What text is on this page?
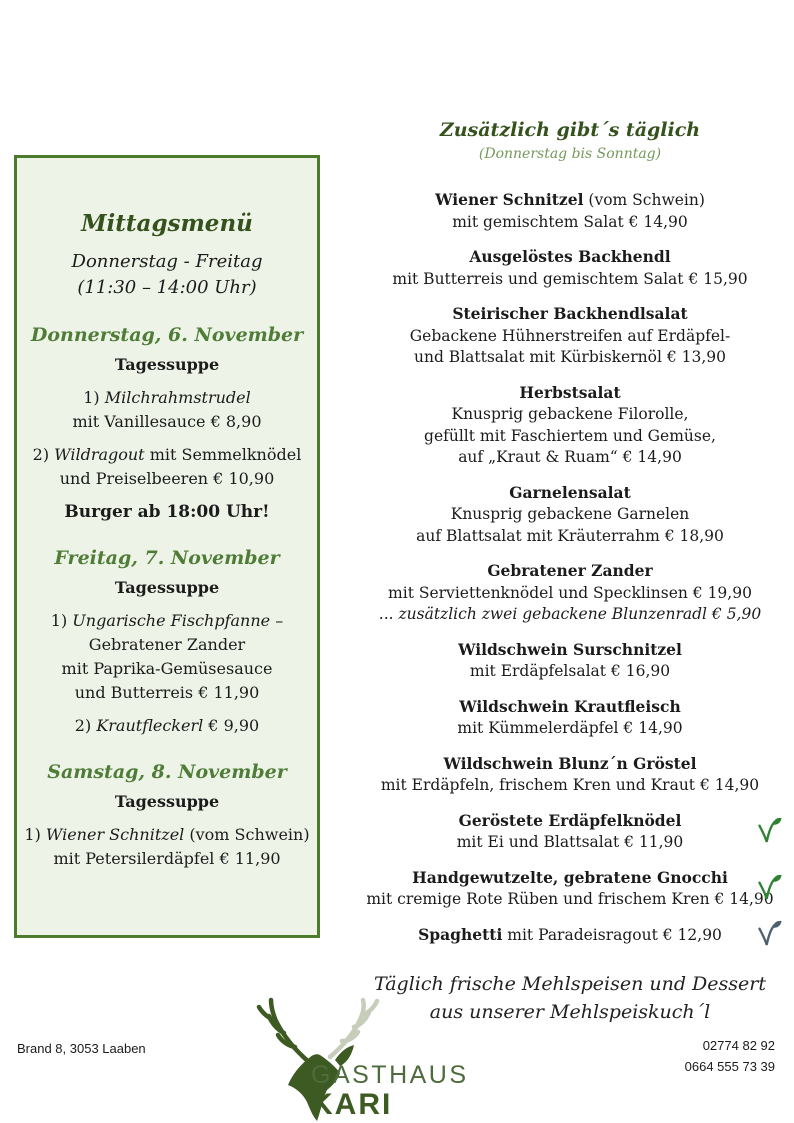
Mittagsmenü
Donnerstag - Freitag
(11:30 – 14:00 Uhr)
Donnerstag, 6. November
Tagessuppe
1) Milchrahmstrudel
mit Vanillesauce € 8,90
2) Wildragout mit Semmelknödel
und Preiselbeeren € 10,90
Burger ab 18:00 Uhr!
Freitag, 7. November
Tagessuppe
1) Ungarische Fischpfanne –
Gebratener Zander
mit Paprika-Gemüsesauce
und Butterreis € 11,90
2) Krautfleckerl € 9,90
Samstag, 8. November
Tagessuppe
1) Wiener Schnitzel (vom Schwein)
mit Petersilerdäpfel € 11,90
Zusätzlich gibt´s täglich
(Donnerstag bis Sonntag)
Wiener Schnitzel (vom Schwein)
mit gemischtem Salat € 14,90
Ausgelöstes Backhendl
mit Butterreis und gemischtem Salat € 15,90
Steirischer Backhendlsalat
Gebackene Hühnerstreifen auf Erdäpfel-
und Blattsalat mit Kürbiskernöl € 13,90
Herbstsalat
Knusprig gebackene Filorolle,
gefüllt mit Faschiertem und Gemüse,
auf „Kraut & Ruam“ € 14,90
Garnelensalat
Knusprig gebackene Garnelen
auf Blattsalat mit Kräuterrahm € 18,90
Gebratener Zander
mit Serviettenknödel und Specklinsen € 19,90
... zusätzlich zwei gebackene Blunzenradl € 5,90
Wildschwein Surschnitzel
mit Erdäpfelsalat € 16,90
Wildschwein Krautfleisch
mit Kümmelerdäpfel € 14,90
Wildschwein Blunz´n Gröstel
mit Erdäpfeln, frischem Kren und Kraut € 14,90
Geröstete Erdäpfelknödel
mit Ei und Blattsalat € 11,90
Handgewutzelte, gebratene Gnocchi
mit cremige Rote Rüben und frischem Kren € 14,90
Spaghetti mit Paradeisragout € 12,90
Täglich frische Mehlspeisen und Dessert
aus unserer Mehlspeiskuch´l
Brand 8, 3053 Laaben	02774 82 92
0664 555 73 39
GASTHAUS
KARI
